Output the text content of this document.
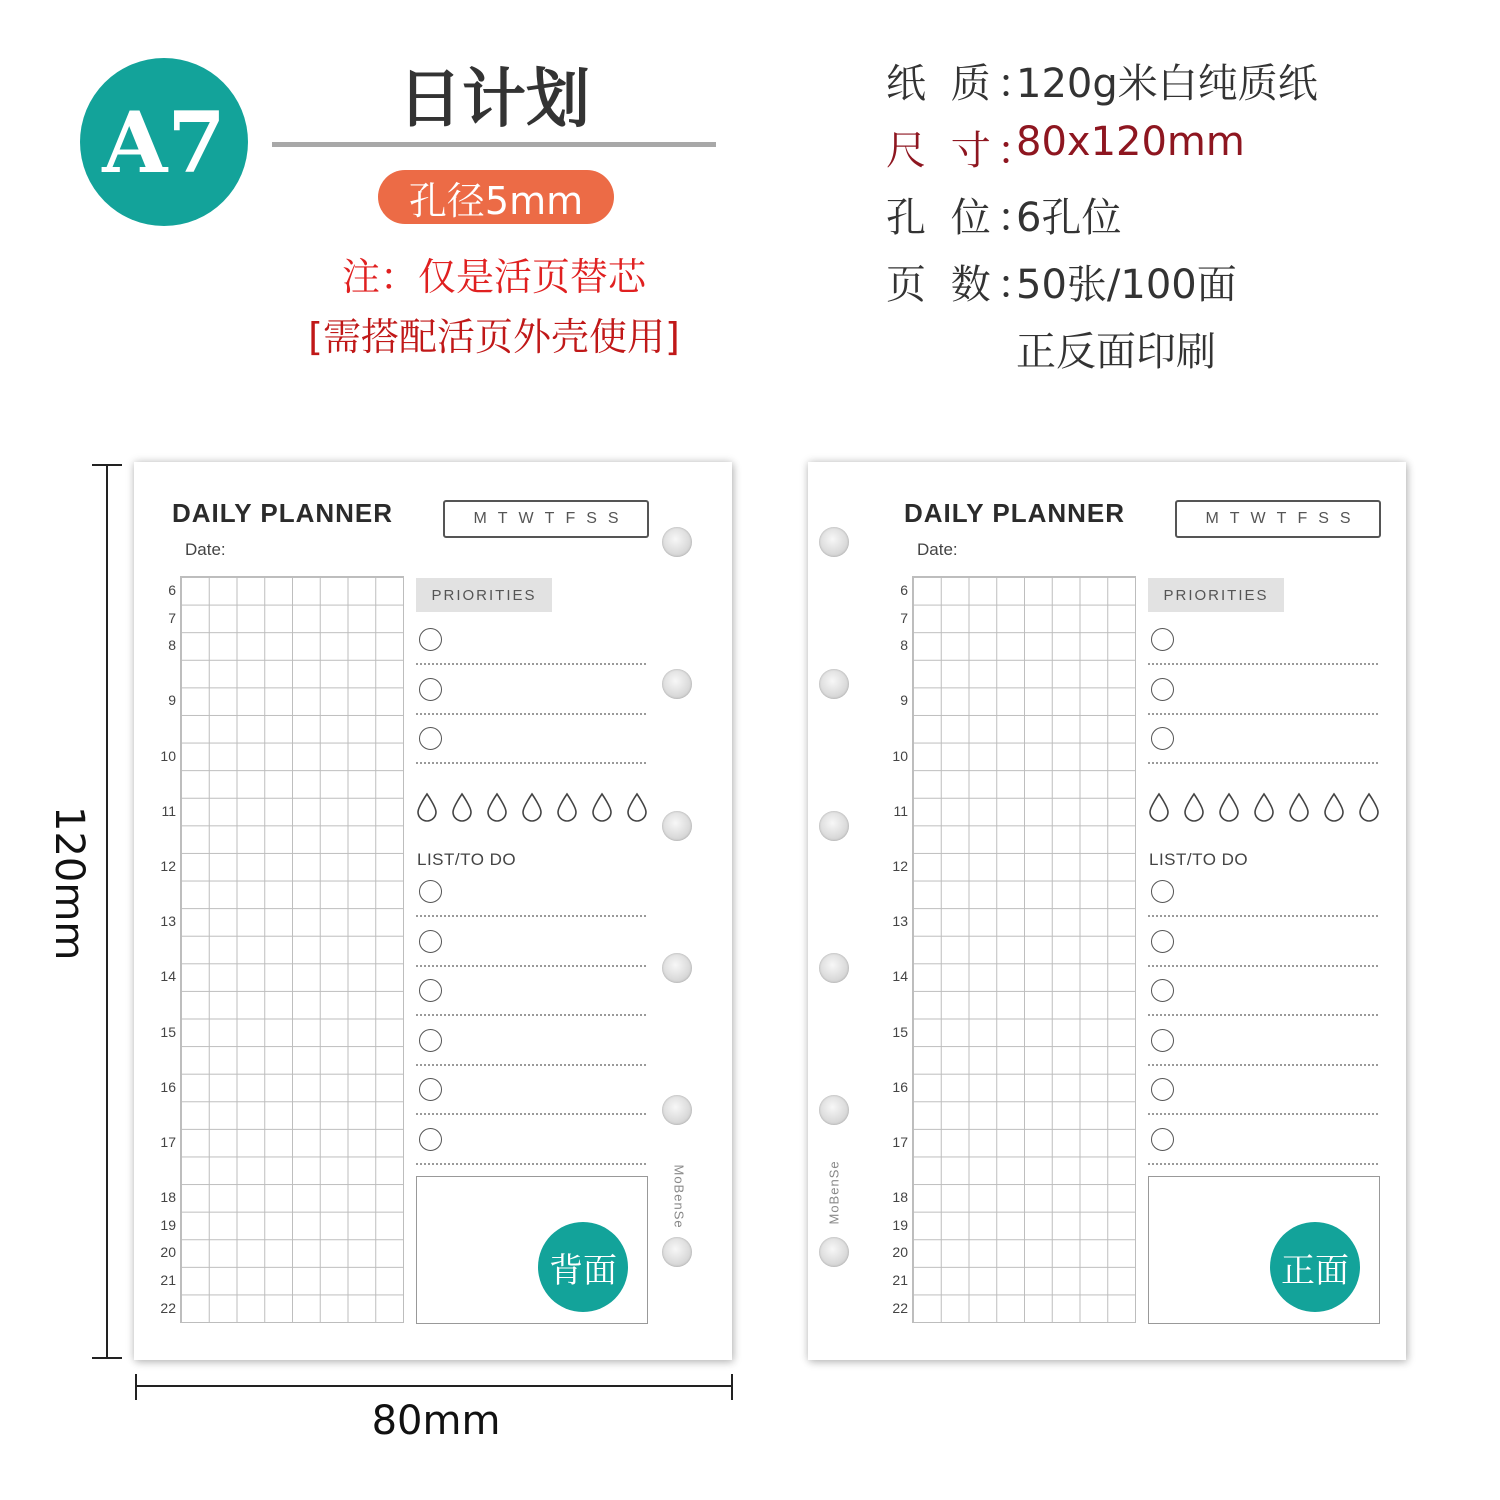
A7	日计划
孔径5mm
注：仅是活页替芯
[需搭配活页外壳使用]
纸 质：
120g米白纯质纸
尺 寸：
80x120mm
孔 位：
6孔位
页 数：
50张/100面
正反面印刷
120mm
80mm
DAILY PLANNER
Date:
M T W T F S S
6
7
8
9
10
11
12
13
14
15
16
17
18
19
20
21
22
PRIORITIES
LIST/TO DO
背面
MoBenSe
DAILY PLANNER
Date:
M T W T F S S
6
7
8
9
10
11
12
13
14
15
16
17
18
19
20
21
22
PRIORITIES
LIST/TO DO
正面
MoBenSe
